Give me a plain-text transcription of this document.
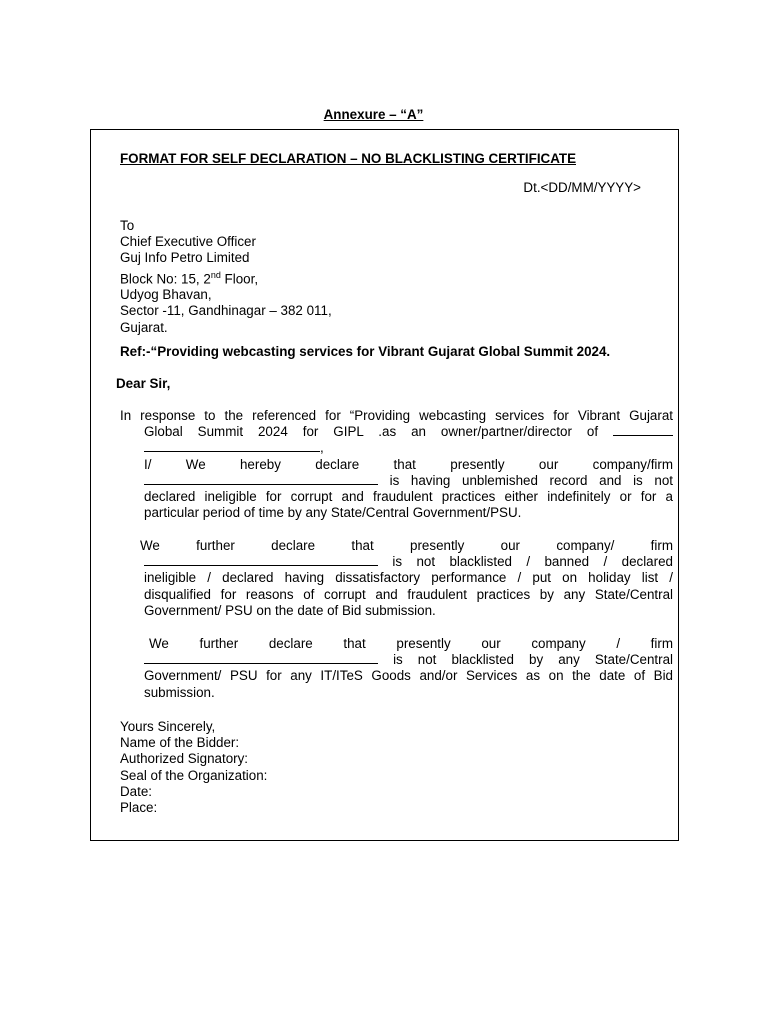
Annexure – “A”
FORMAT FOR SELF DECLARATION – NO BLACKLISTING CERTIFICATE
Dt.<DD/MM/YYYY>
To
Chief Executive Officer
Guj Info Petro Limited
Block No: 15, 2nd Floor,
Udyog Bhavan,
Sector -11, Gandhinagar – 382 011,
Gujarat.
Ref:-“Providing webcasting services for Vibrant Gujarat Global Summit 2024.
Dear Sir,
In response to the referenced for “Providing webcasting services for Vibrant Gujarat
Global Summit 2024 for GIPL .as an owner/partner/director of
,
I/ We hereby declare that presently our company/firm
is having unblemished record and is not
declared ineligible for corrupt and fraudulent practices either indefinitely or for a
particular period of time by any State/Central Government/PSU.
We further declare that presently our company/ firm
is not blacklisted / banned / declared
ineligible / declared having dissatisfactory performance / put on holiday list /
disqualified for reasons of corrupt and fraudulent practices by any State/Central
Government/ PSU on the date of Bid submission.
We further declare that presently our company / firm
is not blacklisted by any State/Central
Government/ PSU for any IT/ITeS Goods and/or Services as on the date of Bid
submission.
Yours Sincerely,
Name of the Bidder:
Authorized Signatory:
Seal of the Organization:
Date:
Place:
